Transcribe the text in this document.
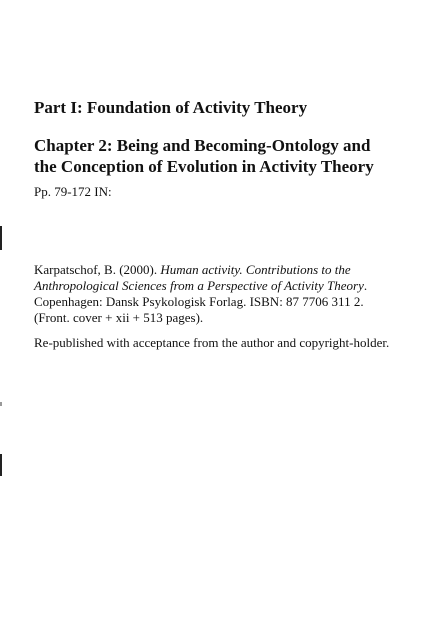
Part I: Foundation of Activity Theory
Chapter 2: Being and Becoming-Ontology and the Conception of Evolution in Activity Theory
Pp. 79-172 IN:

Karpatschof, B. (2000). Human activity. Contributions to the Anthropological Sciences from a Perspective of Activity Theory.

Copenhagen: Dansk Psykologisk Forlag. ISBN: 87 7706 311 2.

(Front. cover + xii + 513 pages).

Re-published with acceptance from the author and copyright-holder.
